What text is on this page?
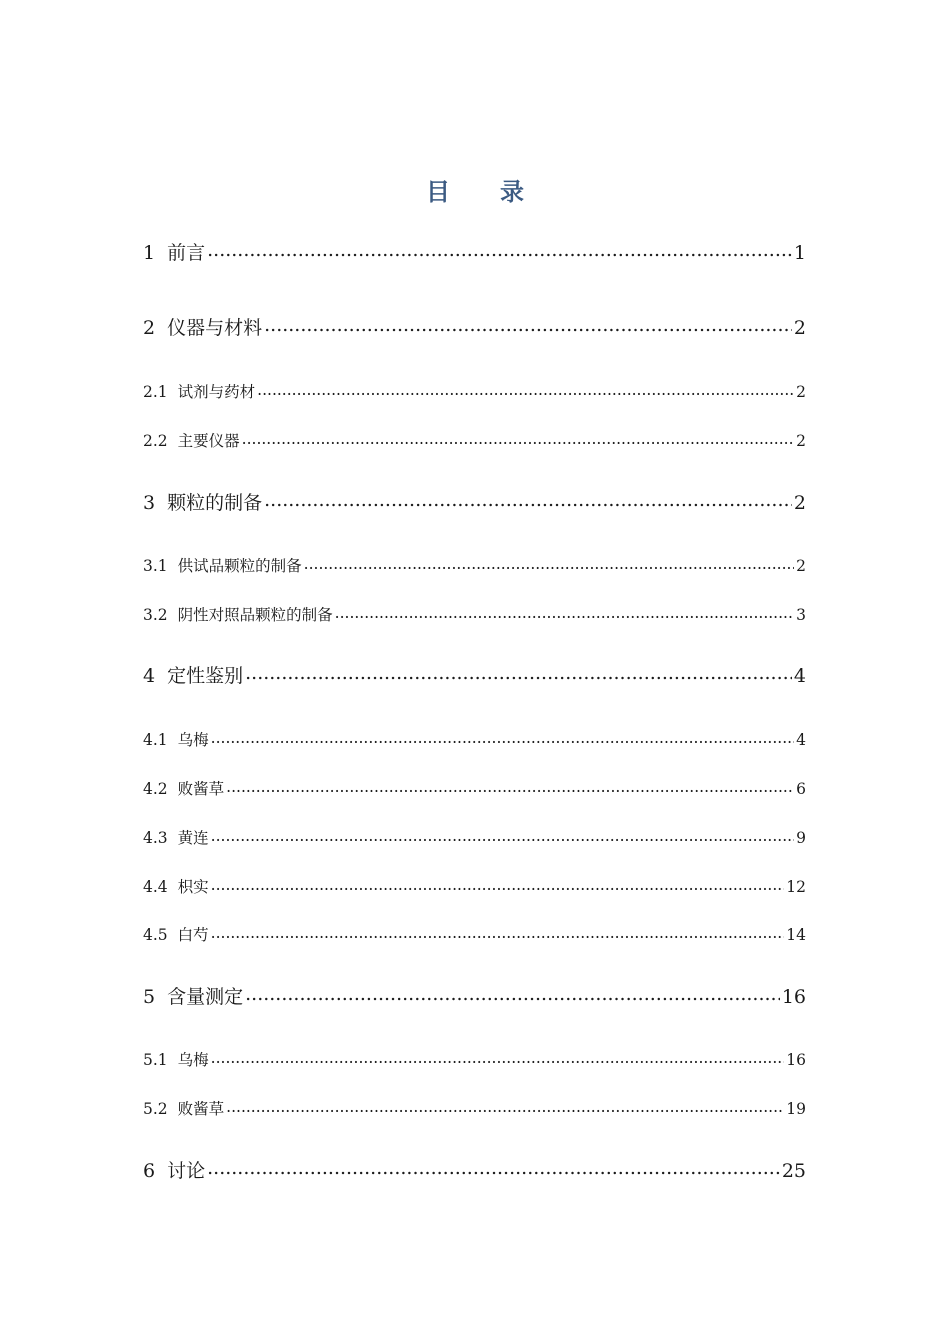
目 录
1 前言 .....	1
2 仪器与材料 .....	2
2.1 试剂与药材 .....	2
2.2 主要仪器 .....	2
3 颗粒的制备 .....	2
3.1 供试品颗粒的制备 .....	2
3.2 阴性对照品颗粒的制备 .....	3
4 定性鉴别 .....	4
4.1 乌梅 .....	4
4.2 败酱草 .....	6
4.3 黄连 .....	9
4.4 枳实 .....	12
4.5 白芍 .....	14
5 含量测定 .....	16
5.1 乌梅 .....	16
5.2 败酱草 .....	19
6 讨论 .....	25
